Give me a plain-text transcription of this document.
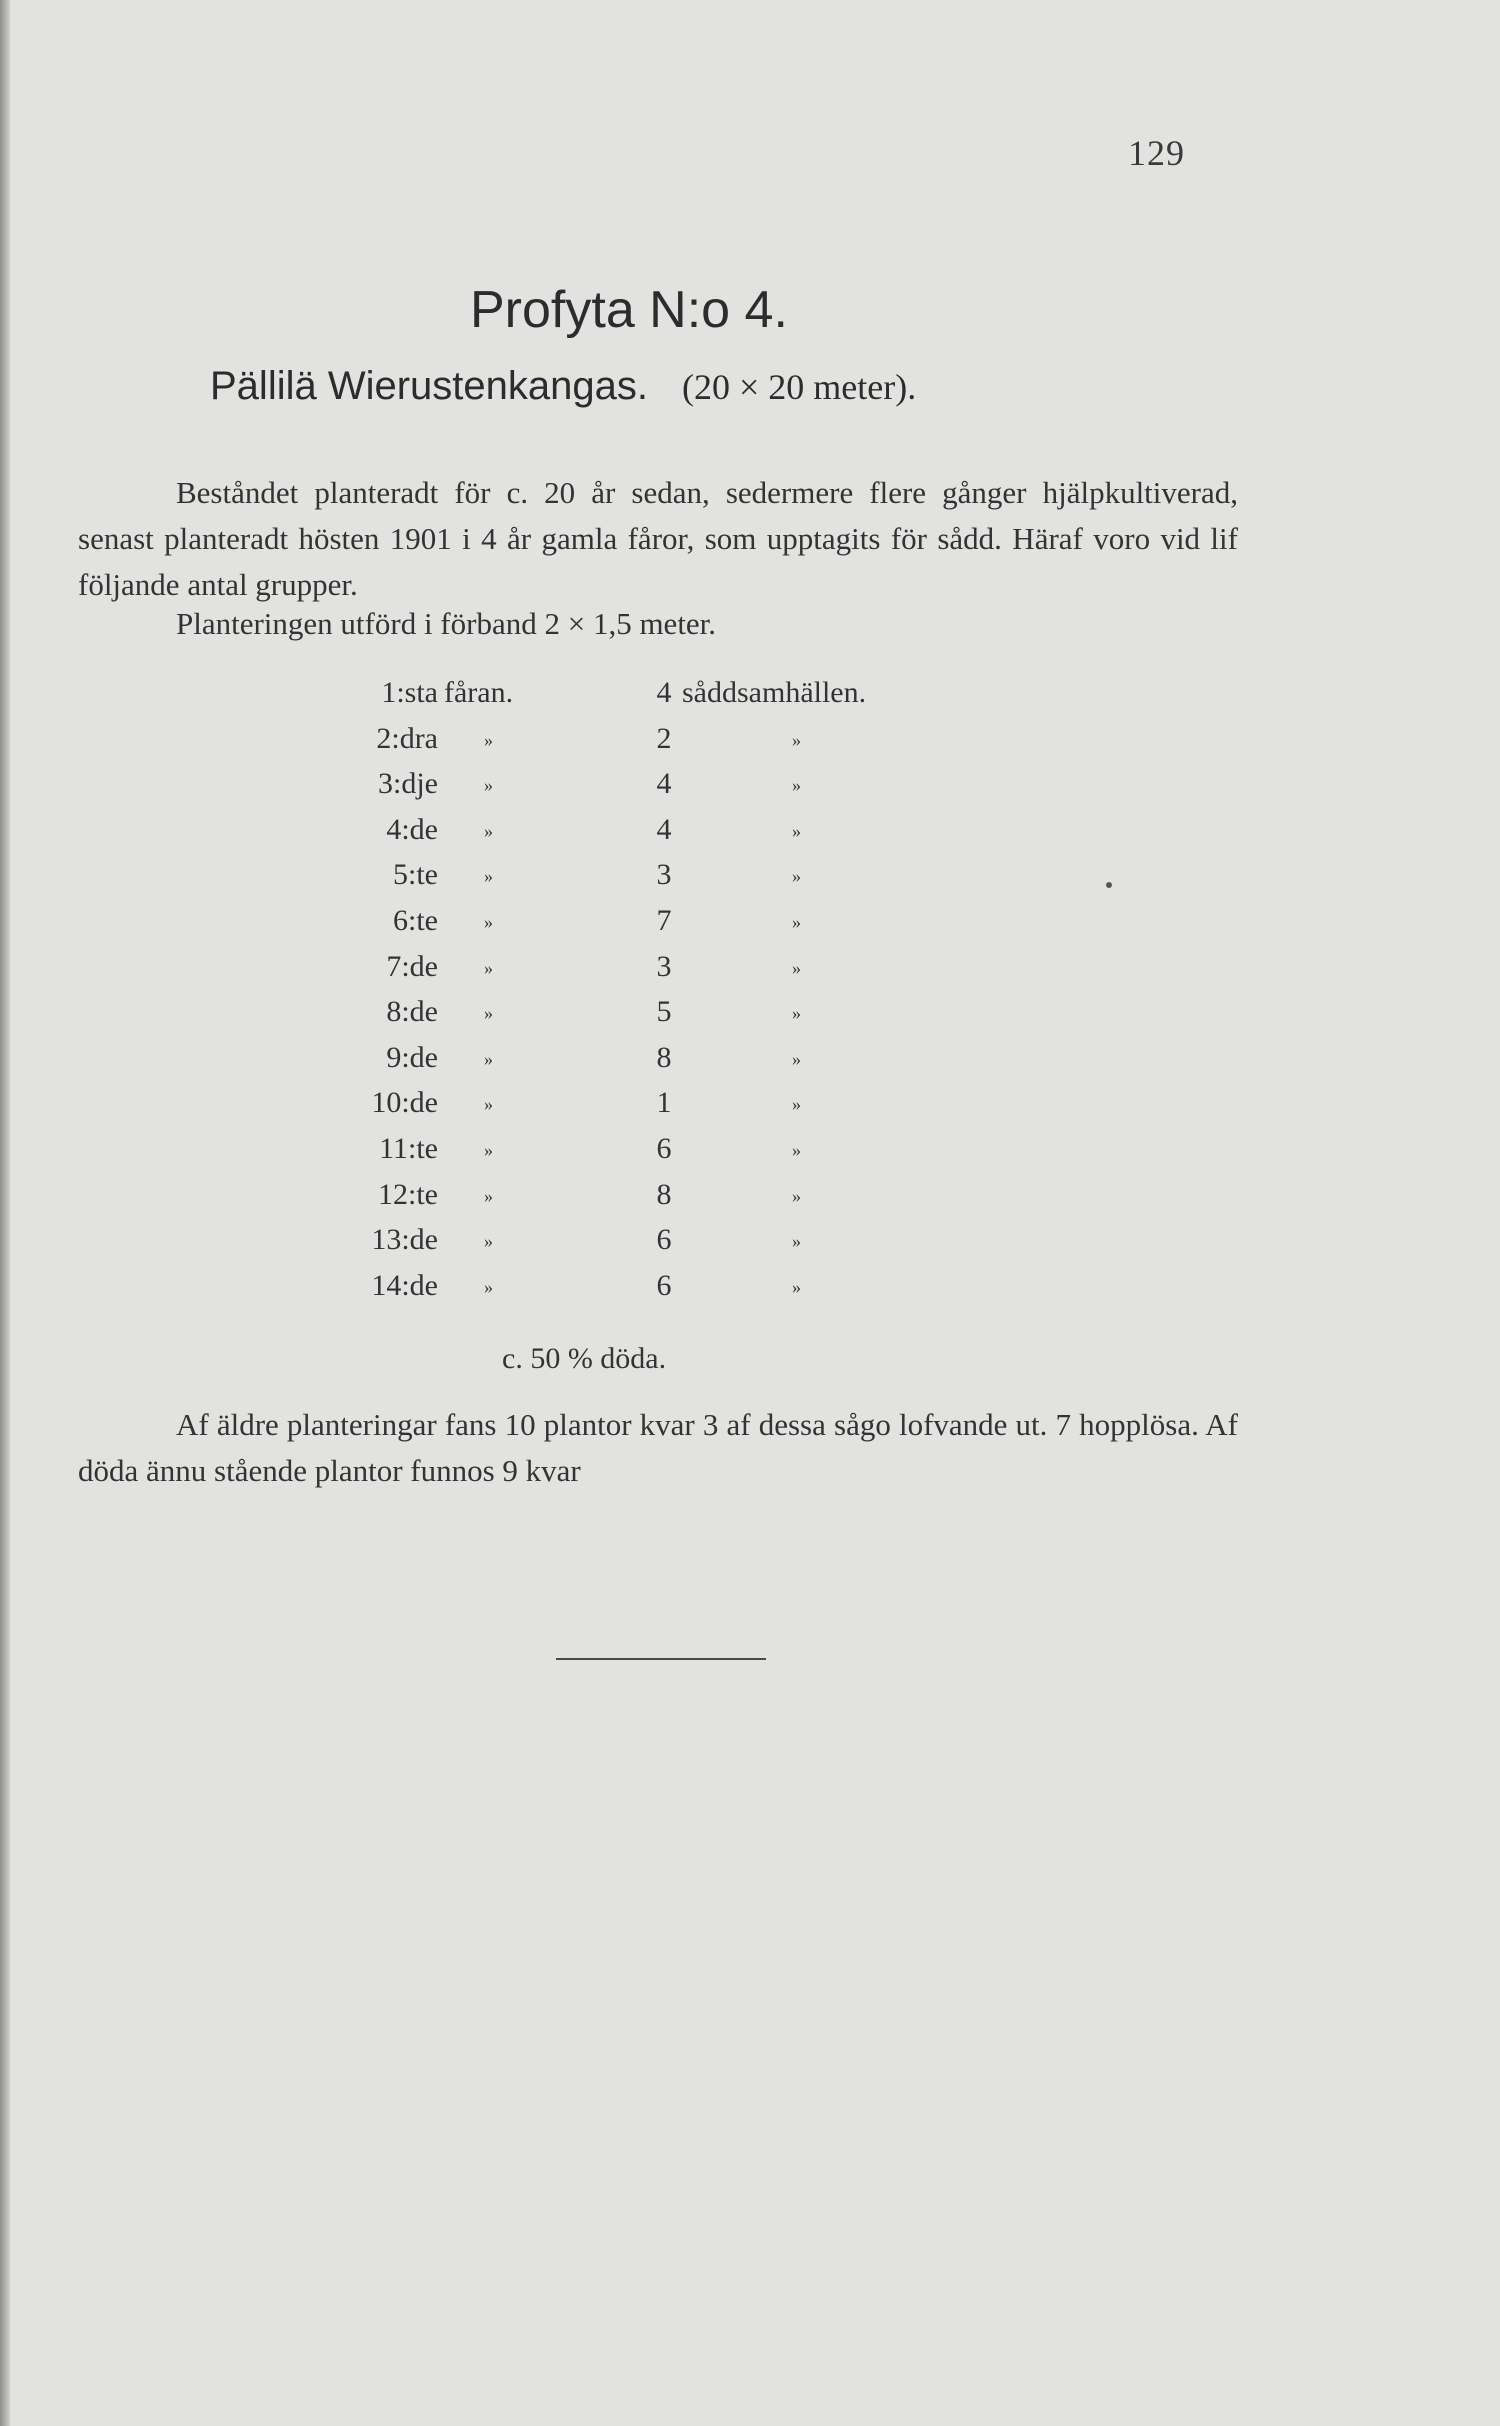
129
Profyta N:o 4.
Pällilä Wierustenkangas. (20 × 20 meter).

Beståndet planteradt för c. 20 år sedan, sedermere flere gånger hjälpkultiverad, senast planteradt hösten 1901 i 4 år gamla fåror, som upptagits för sådd. Häraf voro vid lif följande antal grupper.

Planteringen utförd i förband 2 × 1,5 meter.
1:sta fåran.	4 såddsamhällen.
2:dra	»	2	»
3:dje	»	4	»
4:de	»	4	»
5:te	»	3	»
6:te	»	7	»
7:de	»	3	»
8:de	»	5	»
9:de	»	8	»
10:de	»	1	»
11:te	»	6	»
12:te	»	8	»
13:de	»	6	»
14:de	»	6	»
c. 50 % döda.

Af äldre planteringar fans 10 plantor kvar 3 af dessa sågo lofvande ut. 7 hopplösa. Af döda ännu stående plantor funnos 9 kvar
